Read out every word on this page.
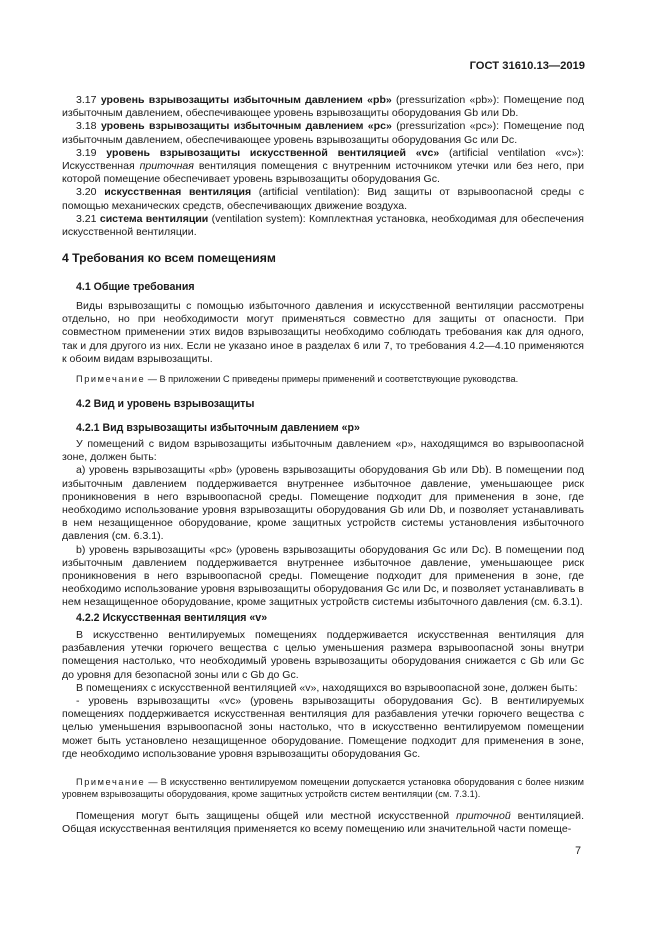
ГОСТ 31610.13—2019

3.17 уровень взрывозащиты избыточным давлением «pb» (pressurization «pb»): Помещение под избыточным давлением, обеспечивающее уровень взрывозащиты оборудования Gb или Db.

3.18 уровень взрывозащиты избыточным давлением «pc» (pressurization «pc»): Помещение под избыточным давлением, обеспечивающее уровень взрывозащиты оборудования Gc или Dc.

3.19 уровень взрывозащиты искусственной вентиляцией «vc» (artificial ventilation «vc»): Искусственная приточная вентиляция помещения с внутренним источником утечки или без него, при которой помещение обеспечивает уровень взрывозащиты оборудования Gc.

3.20 искусственная вентиляция (artificial ventilation): Вид защиты от взрывоопасной среды с помощью механических средств, обеспечивающих движение воздуха.

3.21 система вентиляции (ventilation system): Комплектная установка, необходимая для обеспечения искусственной вентиляции.

4 Требования ко всем помещениям

4.1 Общие требования

Виды взрывозащиты с помощью избыточного давления и искусственной вентиляции рассмотрены отдельно, но при необходимости могут применяться совместно для защиты от опасности. При совместном применении этих видов взрывозащиты необходимо соблюдать требования как для одного, так и для другого из них. Если не указано иное в разделах 6 или 7, то требования 4.2—4.10 применяются к обоим видам взрывозащиты.

Примечание — В приложении С приведены примеры применений и соответствующие руководства.

4.2 Вид и уровень взрывозащиты

4.2.1 Вид взрывозащиты избыточным давлением «p»

У помещений с видом взрывозащиты избыточным давлением «p», находящимся во взрывоопасной зоне, должен быть:

a) уровень взрывозащиты «pb» (уровень взрывозащиты оборудования Gb или Db). В помещении под избыточным давлением поддерживается внутреннее избыточное давление, уменьшающее риск проникновения в него взрывоопасной среды. Помещение подходит для применения в зоне, где необходимо использование уровня взрывозащиты оборудования Gb или Db, и позволяет устанавливать в нем незащищенное оборудование, кроме защитных устройств системы установления избыточного давления (см. 6.3.1).

b) уровень взрывозащиты «pc» (уровень взрывозащиты оборудования Gc или Dc). В помещении под избыточным давлением поддерживается внутреннее избыточное давление, уменьшающее риск проникновения в него взрывоопасной среды. Помещение подходит для применения в зоне, где необходимо использование уровня взрывозащиты оборудования Gc или Dc, и позволяет устанавливать в нем незащищенное оборудование, кроме защитных устройств системы избыточного давления (см. 6.3.1).

4.2.2 Искусственная вентиляция «v»

В искусственно вентилируемых помещениях поддерживается искусственная вентиляция для разбавления утечки горючего вещества с целью уменьшения размера взрывоопасной зоны внутри помещения настолько, что необходимый уровень взрывозащиты оборудования снижается с Gb или Gc до уровня для безопасной зоны или с Gb до Gc.

В помещениях с искусственной вентиляцией «v», находящихся во взрывоопасной зоне, должен быть:

- уровень взрывозащиты «vc» (уровень взрывозащиты оборудования Gc). В вентилируемых помещениях поддерживается искусственная вентиляция для разбавления утечки горючего вещества с целью уменьшения взрывоопасной зоны настолько, что в искусственно вентилируемом помещении может быть установлено незащищенное оборудование. Помещение подходит для применения в зоне, где необходимо использование уровня взрывозащиты оборудования Gc.

Примечание — В искусственно вентилируемом помещении допускается установка оборудования с более низким уровнем взрывозащиты оборудования, кроме защитных устройств систем вентиляции (см. 7.3.1).

Помещения могут быть защищены общей или местной искусственной приточной вентиляцией. Общая искусственная вентиляция применяется ко всему помещению или значительной части помеще-

7
